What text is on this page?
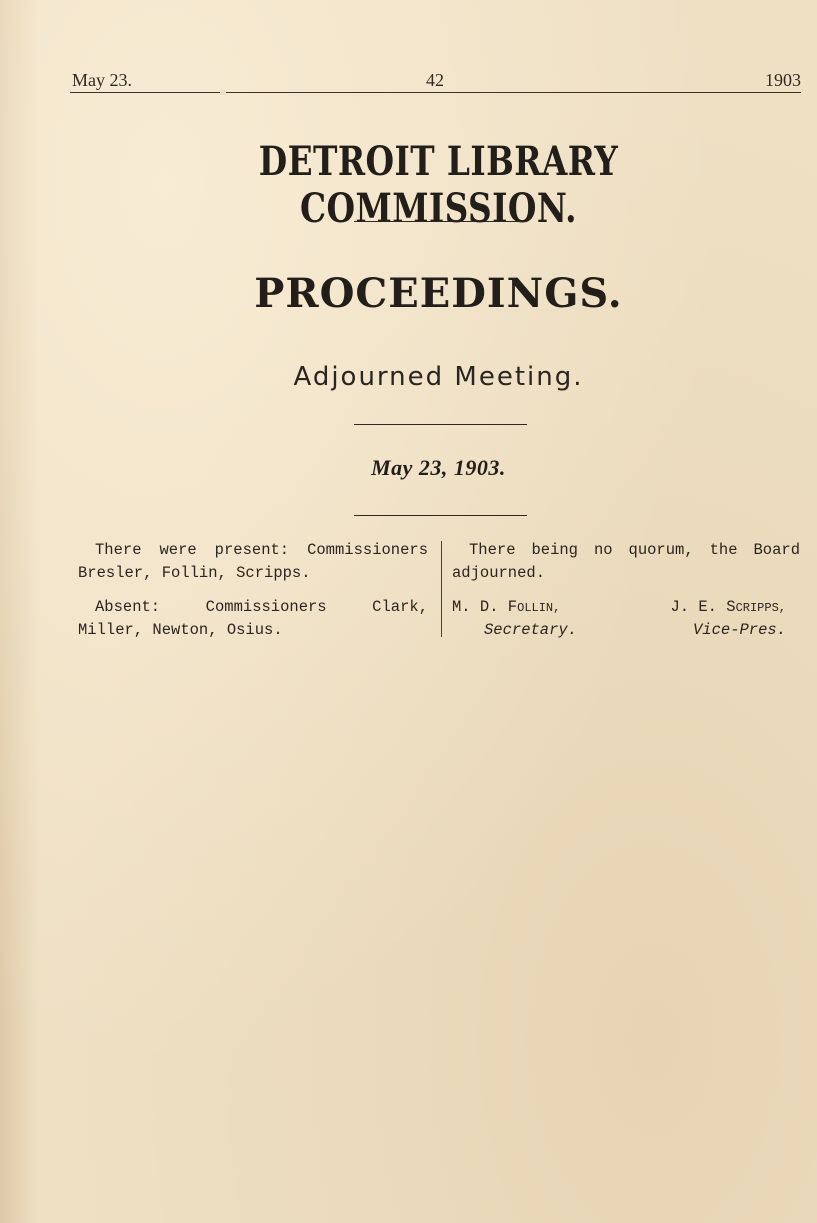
May 23.	42	1903
DETROIT LIBRARY COMMISSION.
PROCEEDINGS.
Adjourned Meeting.
May 23, 1903.

There were present: Commissioners Bresler, Follin, Scripps.

Absent: Commissioners Clark, Miller, Newton, Osius.

There being no quorum, the Board adjourned.

M. D. FOLLIN,	J. E. SCRIPPS,
Secretary.	Vice-Pres.
